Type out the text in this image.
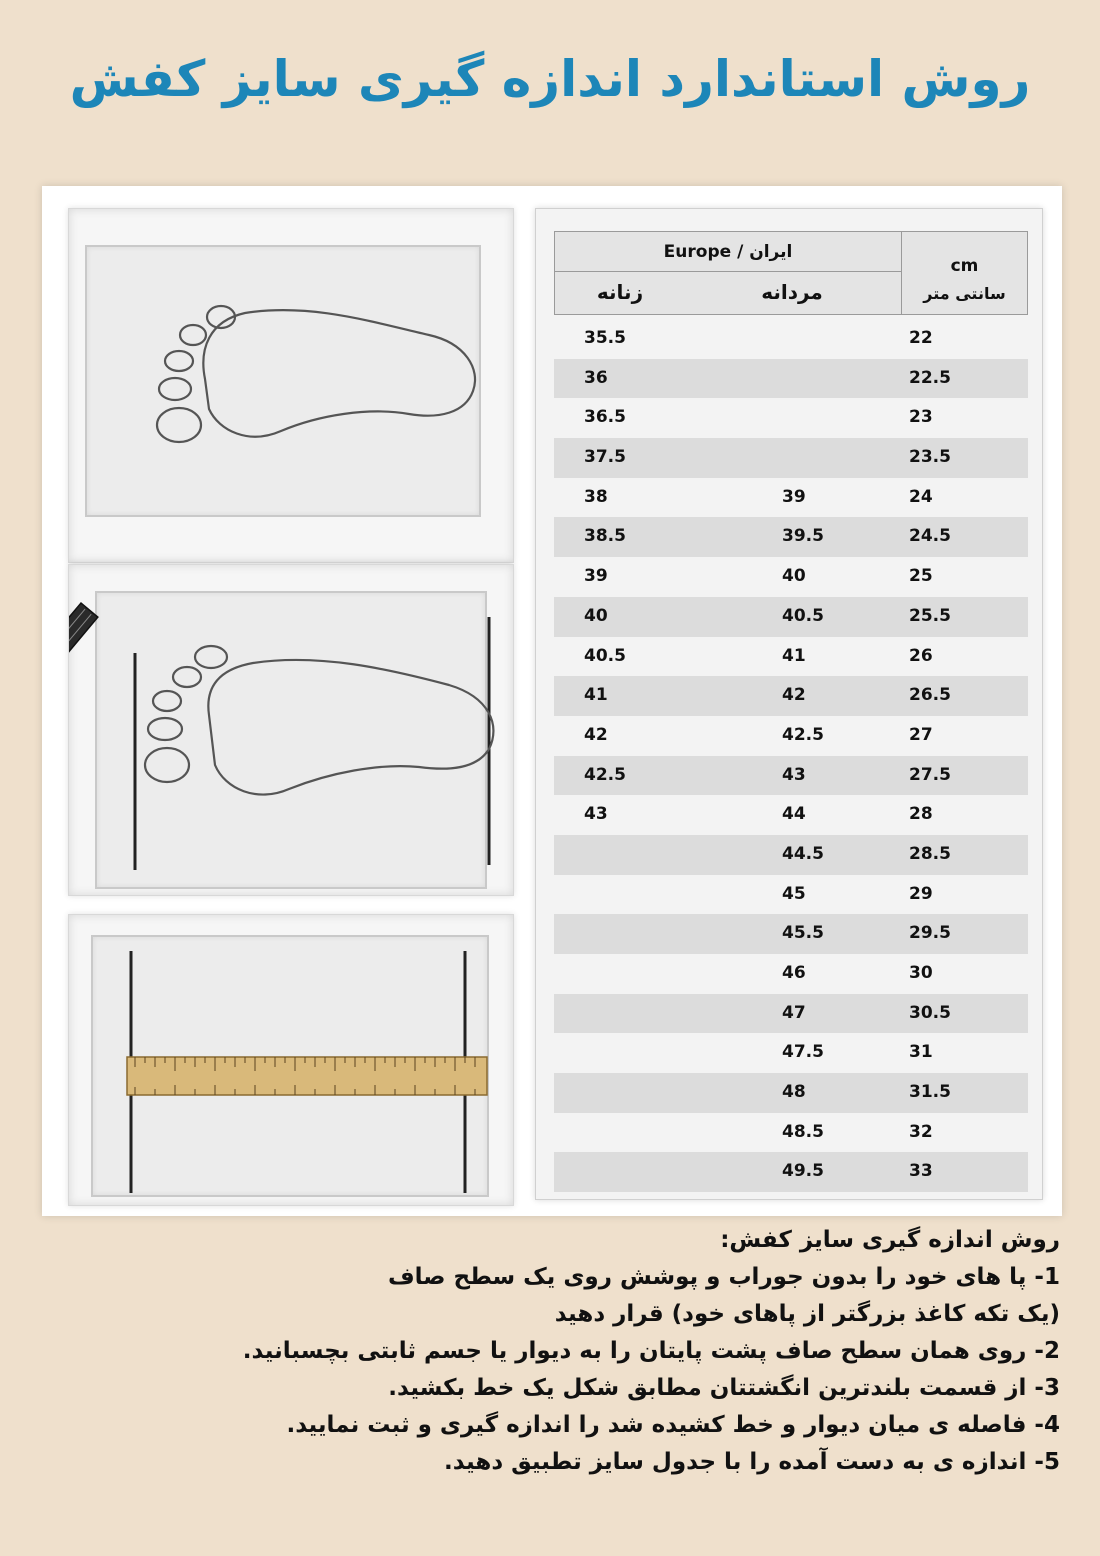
روش استاندارد اندازه گیری سایز کفش
cm
سانتی متر
ایران / Europe
مردانه
زنانه
22
35.5
22.5
36
23
36.5
23.5
37.5
24
39
38
24.5
39.5
38.5
25
40
39
25.5
40.5
40
26
41
40.5
26.5
42
41
27
42.5
42
27.5
43
42.5
28
44
43
28.5
44.5
29
45
29.5
45.5
30
46
30.5
47
31
47.5
31.5
48
32
48.5
33
49.5
روش اندازه گیری سایز کفش:
1- پا های خود را بدون جوراب و پوشش روی یک سطح صاف
(یک تکه کاغذ بزرگتر از پاهای خود) قرار دهید
2- روی همان سطح صاف پشت پایتان را به دیوار یا جسم ثابتی بچسبانید.
3- از قسمت بلندترین انگشتتان مطابق شکل یک خط بکشید.
4- فاصله ی میان دیوار و خط کشیده شد را اندازه گیری و ثبت نمایید.
5- اندازه ی به دست آمده را با جدول سایز تطبیق دهید.
